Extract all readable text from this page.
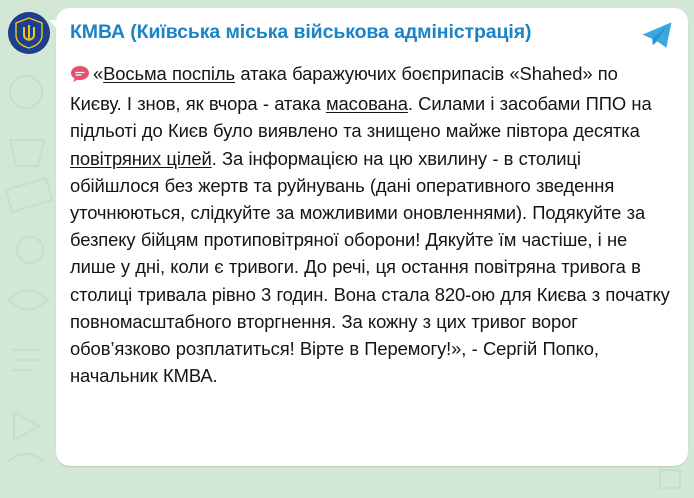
КМВА (Київська міська військова адміністрація)
«Восьма поспіль атака баражуючих боєприпасів «Shahed» по Києву. І знов, як вчора - атака масована. Силами і засобами ППО на підльоті до Києв було виявлено та знищено майже півтора десятка повітряних цілей. За інформацією на цю хвилину - в столиці обійшлося без жертв та руйнувань (дані оперативного зведення уточнюються, слідкуйте за можливими оновленнями). Подякуйте за безпеку бійцям протиповітряної оборони! Дякуйте їм частіше, і не лише у дні, коли є тривоги. До речі, ця остання повітряна тривога в столиці тривала рівно 3 годин. Вона стала 820-ою для Києва з початку повномасштабного вторгнення. За кожну з цих тривог ворог обов’язково розплатиться! Вірте в Перемогу!», - Сергій Попко, начальник КМВА.
